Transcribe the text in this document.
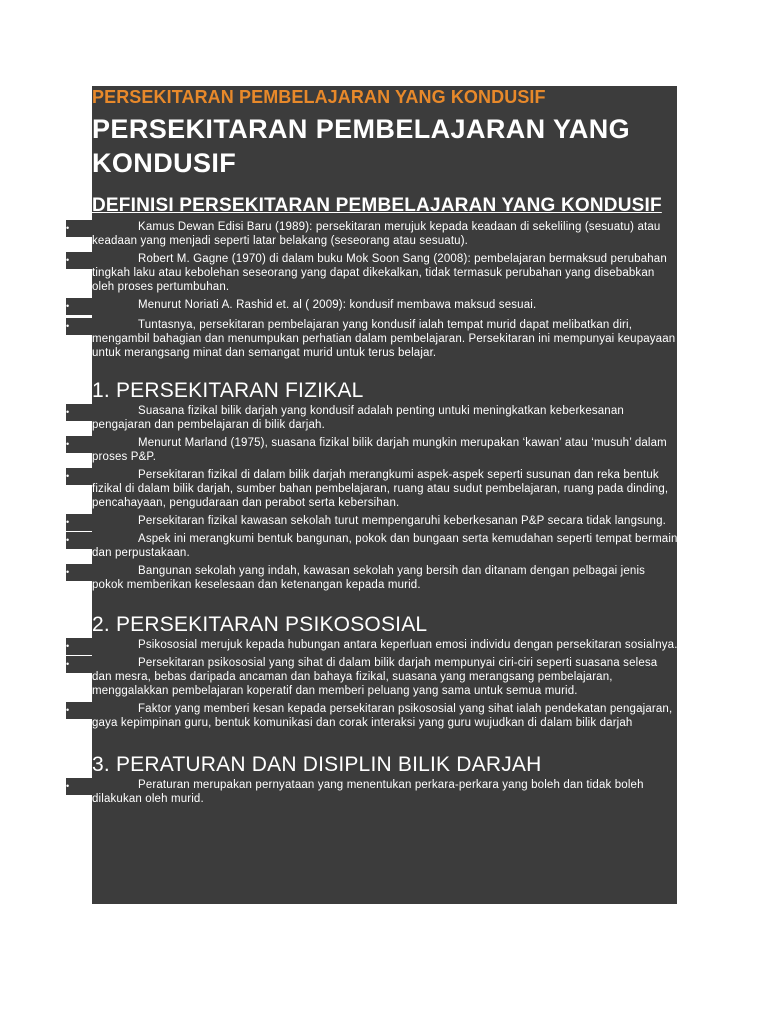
PERSEKITARAN PEMBELAJARAN YANG KONDUSIF
PERSEKITARAN PEMBELAJARAN YANG KONDUSIF
DEFINISI PERSEKITARAN PEMBELAJARAN YANG KONDUSIF
•	Kamus Dewan Edisi Baru (1989): persekitaran merujuk kepada keadaan di sekeliling (sesuatu) atau keadaan yang menjadi seperti latar belakang (seseorang atau sesuatu).
•	Robert M. Gagne (1970) di dalam buku Mok Soon Sang (2008): pembelajaran bermaksud perubahan tingkah laku atau kebolehan seseorang yang dapat dikekalkan, tidak termasuk perubahan yang disebabkan oleh proses pertumbuhan.
•	Menurut Noriati A. Rashid et. al ( 2009): kondusif membawa maksud sesuai.
•	Tuntasnya, persekitaran pembelajaran yang kondusif ialah tempat murid dapat melibatkan diri, mengambil bahagian dan menumpukan perhatian dalam pembelajaran. Persekitaran ini mempunyai keupayaan untuk merangsang minat dan semangat murid untuk terus belajar.
1. PERSEKITARAN FIZIKAL
•	Suasana fizikal bilik darjah yang kondusif adalah penting untuki meningkatkan keberkesanan pengajaran dan pembelajaran di bilik darjah.
•	Menurut Marland (1975), suasana fizikal bilik darjah mungkin merupakan ‘kawan’ atau ‘musuh’ dalam proses P&P.
•	Persekitaran fizikal di dalam bilik darjah merangkumi aspek-aspek seperti susunan dan reka bentuk fizikal di dalam bilik darjah, sumber bahan pembelajaran, ruang atau sudut pembelajaran, ruang pada dinding, pencahayaan, pengudaraan dan perabot serta kebersihan.
•	Persekitaran fizikal kawasan sekolah turut mempengaruhi keberkesanan P&P secara tidak langsung.
•	Aspek ini merangkumi bentuk bangunan, pokok dan bungaan serta kemudahan seperti tempat bermain dan perpustakaan.
•	Bangunan sekolah yang indah, kawasan sekolah yang bersih dan ditanam dengan pelbagai jenis pokok memberikan keselesaan dan ketenangan kepada murid.
2. PERSEKITARAN PSIKOSOSIAL
•	Psikososial merujuk kepada hubungan antara keperluan emosi individu dengan persekitaran sosialnya.
•	Persekitaran psikososial yang sihat di dalam bilik darjah mempunyai ciri-ciri seperti suasana selesa dan mesra, bebas daripada ancaman dan bahaya fizikal, suasana yang merangsang pembelajaran, menggalakkan pembelajaran koperatif dan memberi peluang yang sama untuk semua murid.
•	Faktor yang memberi kesan kepada persekitaran psikososial yang sihat ialah pendekatan pengajaran, gaya kepimpinan guru, bentuk komunikasi dan corak interaksi yang guru wujudkan di dalam bilik darjah
3. PERATURAN DAN DISIPLIN BILIK DARJAH
•	Peraturan merupakan pernyataan yang menentukan perkara-perkara yang boleh dan tidak boleh dilakukan oleh murid.
